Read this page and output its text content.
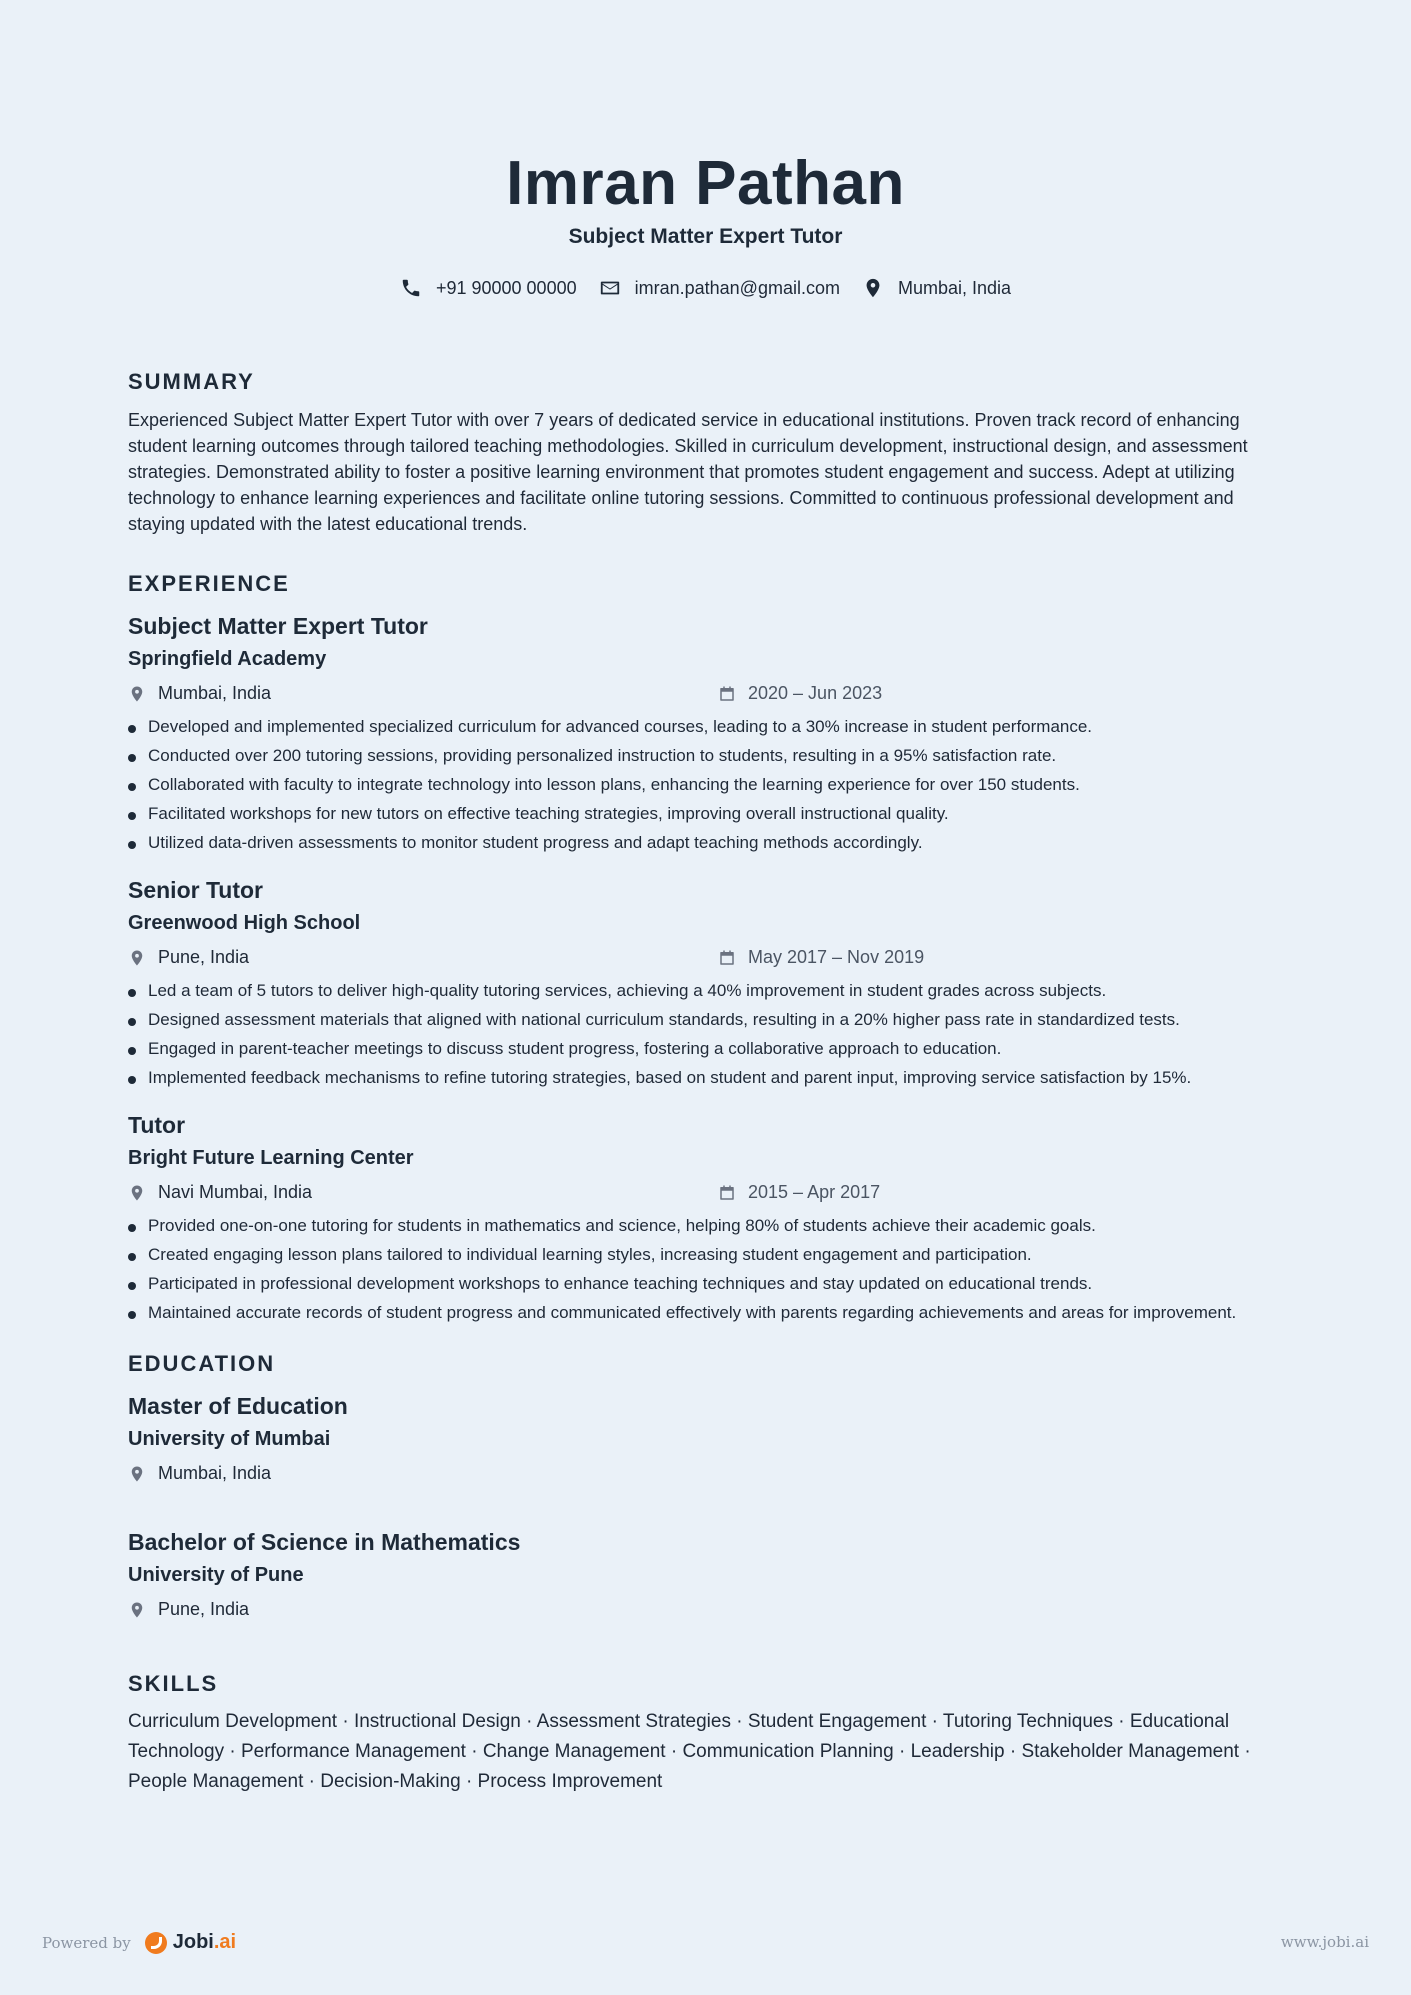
Imran Pathan
Subject Matter Expert Tutor
+91 90000 00000	imran.pathan@gmail.com	Mumbai, India
SUMMARY
Experienced Subject Matter Expert Tutor with over 7 years of dedicated service in educational institutions. Proven track record of enhancing student learning outcomes through tailored teaching methodologies. Skilled in curriculum development, instructional design, and assessment strategies. Demonstrated ability to foster a positive learning environment that promotes student engagement and success. Adept at utilizing technology to enhance learning experiences and facilitate online tutoring sessions. Committed to continuous professional development and staying updated with the latest educational trends.
EXPERIENCE
Subject Matter Expert Tutor
Springfield Academy
Mumbai, India	2020 – Jun 2023
Developed and implemented specialized curriculum for advanced courses, leading to a 30% increase in student performance.
Conducted over 200 tutoring sessions, providing personalized instruction to students, resulting in a 95% satisfaction rate.
Collaborated with faculty to integrate technology into lesson plans, enhancing the learning experience for over 150 students.
Facilitated workshops for new tutors on effective teaching strategies, improving overall instructional quality.
Utilized data-driven assessments to monitor student progress and adapt teaching methods accordingly.
Senior Tutor
Greenwood High School
Pune, India	May 2017 – Nov 2019
Led a team of 5 tutors to deliver high-quality tutoring services, achieving a 40% improvement in student grades across subjects.
Designed assessment materials that aligned with national curriculum standards, resulting in a 20% higher pass rate in standardized tests.
Engaged in parent-teacher meetings to discuss student progress, fostering a collaborative approach to education.
Implemented feedback mechanisms to refine tutoring strategies, based on student and parent input, improving service satisfaction by 15%.
Tutor
Bright Future Learning Center
Navi Mumbai, India	2015 – Apr 2017
Provided one-on-one tutoring for students in mathematics and science, helping 80% of students achieve their academic goals.
Created engaging lesson plans tailored to individual learning styles, increasing student engagement and participation.
Participated in professional development workshops to enhance teaching techniques and stay updated on educational trends.
Maintained accurate records of student progress and communicated effectively with parents regarding achievements and areas for improvement.
EDUCATION
Master of Education
University of Mumbai
Mumbai, India
Bachelor of Science in Mathematics
University of Pune
Pune, India
SKILLS
Curriculum Development · Instructional Design · Assessment Strategies · Student Engagement · Tutoring Techniques · Educational Technology · Performance Management · Change Management · Communication Planning · Leadership · Stakeholder Management · People Management · Decision-Making · Process Improvement
Powered by Jobi .ai	www.jobi.ai
